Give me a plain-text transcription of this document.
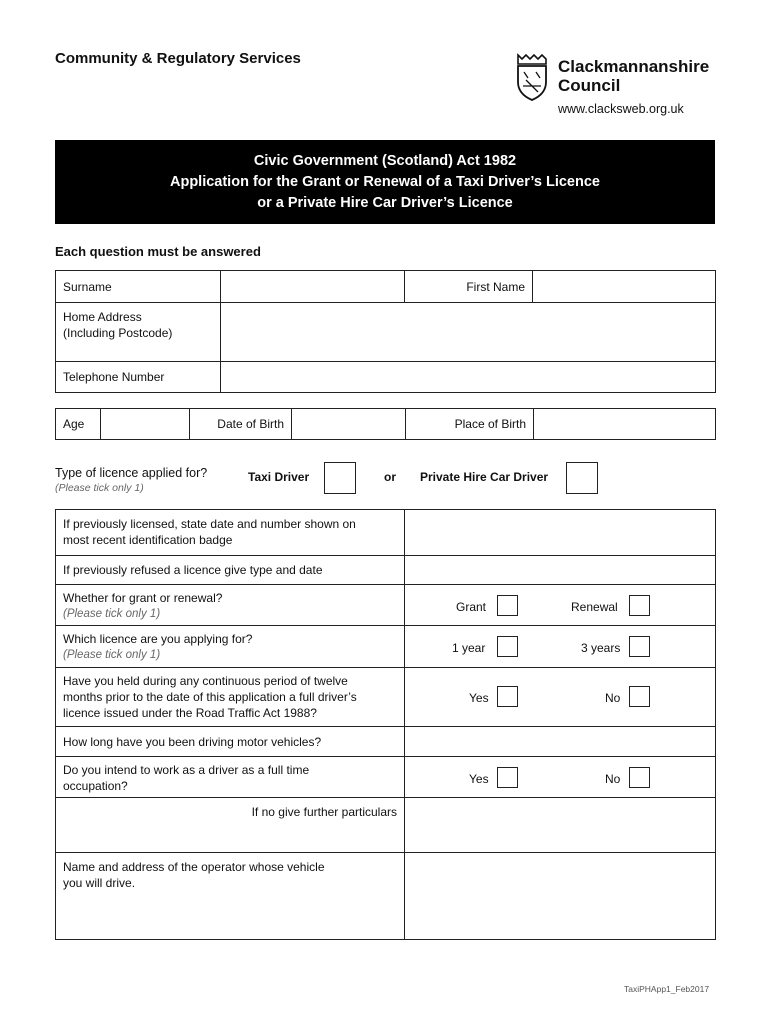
Community & Regulatory Services	Clackmannanshire
Council
www.clacksweb.org.uk
Civic Government (Scotland) Act 1982
Application for the Grant or Renewal of a Taxi Driver’s Licence
or a Private Hire Car Driver’s Licence
Each question must be answered
Surname	First Name
Home Address
(Including Postcode)
Telephone Number
Age	Date of Birth	Place of Birth
Type of licence applied for?
(Please tick only 1)
Taxi Driver	or Private Hire Car Driver
If previously licensed, state date and number shown on
most recent identification badge
If previously refused a licence give type and date
Whether for grant or renewal?
(Please tick only 1)	Grant	Renewal
Which licence are you applying for?
(Please tick only 1)	1 year	3 years
Have you held during any continuous period of twelve
months prior to the date of this application a full driver’s
licence issued under the Road Traffic Act 1988?
Yes	No
How long have you been driving motor vehicles?
Do you intend to work as a driver as a full time
occupation?	Yes	No
If no give further particulars
Name and address of the operator whose vehicle
you will drive.
TaxiPHApp1_Feb2017
